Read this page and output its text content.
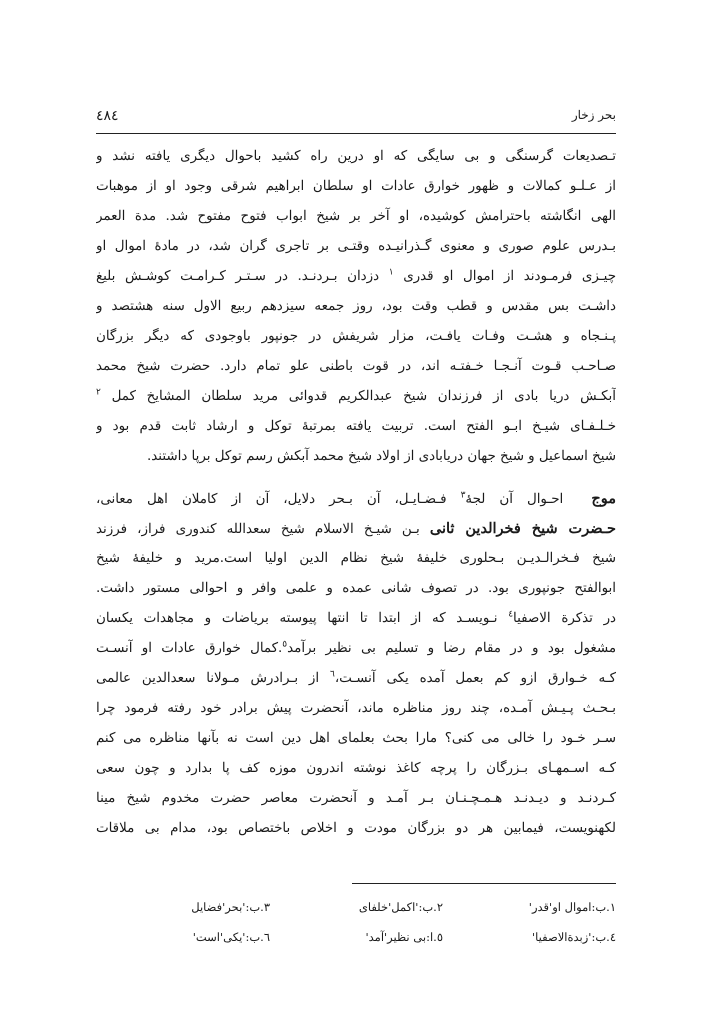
بحر زخار
٤٨٤
تـصدیعات گرسنگی و بی سایگی که او درین راه کشید باحوال دیگری یافته نشد و
از عـلـو کمالات و ظهور خوارق عادات او سلطان ابراهیم شرقی وجود او از موهبات
الهی انگاشته باحترامش کوشیده، او آخر بر شیخ ابواب فتوح مفتوح شد. مدة العمر
بـدرس علوم صوری و معنوی گـذرانیـده وقتـی بر تاجری گران شد، در مادۀ اموال او
چیـزی فرمـودند از اموال او قدری $^١$ دزدان بـردنـد. در سـتـر کـرامـت کوشـش بلیغ
داشـت بس مقدس و قطب وقت بود، روز جمعه سیزدهم ربیع الاول سنه هشتصد و
پـنـجاه و هشـت وفـات یافـت، مزار شریفش در جونپور باوجودی که دیگر بزرگان
صـاحـب قـوت آنـجـا خـفتـه اند، در قوت باطنی علو تمام دارد. حضرت شیخ محمد
آبکـش دریا بادی از فرزندان شیخ عبدالکریم قدوائی مرید سلطان المشایخ کمل $^٢$
خـلـفـای شیـخ ابـو الفتح است. تربیت یافته بمرتبۀ توکل و ارشاد ثابت قدم بود و
شیخ اسماعیل و شیخ جهان دریابادی از اولاد شیخ محمد آبکش رسم توکل برپا داشتند.
موج  احـوال آن لجۀ$^٣$ فـضـایـل، آن بـحر دلایل، آن از کاملان اهل معانی،
حـضرت شیخ فخرالدین ثانی بـن شیـخ الاسلام شیخ سعدالله کندوری فراز، فرزند
شیخ فـخرالـدیـن بـحلوری خلیفۀ شیخ نظام الدین اولیا است.مرید و خلیفۀ شیخ
ابوالفتح جونپوری بود. در تصوف شانی عمده و علمی وافر و احوالی مستور داشت.
در تذکرة الاصفیا$^٤$ نـویسـد که از ابتدا تا انتها پیوسته بریاضات و مجاهدات یکسان
مشغول بود و در مقام رضا و تسلیم بی نظیر برآمد$^٥$.کمال خوارق عادات او آنسـت
کـه خـوارق ازو کم بعمل آمده یکی آنسـت،$^٦$ از بـرادرش مـولانا سعدالدین عالمی
بـحـث پـیـش آمـده، چند روز مناظره ماند، آنحضرت پیش برادر خود رفته فرمود چرا
سـر خـود را خالی می کنی؟ مارا بحث بعلمای اهل دین است نه بآنها مناظره می کنم
کـه اسـمهـای بـزرگان را پرچه کاغذ نوشته اندرون موزه کف پا بدارد و چون سعی
کـردنـد و دیـدنـد هـمـچـنـان بـر آمـد و آنحضرت معاصر حضرت مخدوم شیخ مینا
لکهنویست، فیمابین هر دو بزرگان مودت و اخلاص باختصاص بود، مدام بی ملاقات
١.ب:اموال او'قدر'
٢.ب:'اکمل'خلفای
٣.ب:'بحر'فضایل
٤.ب:'زبدةالاصفیا'
٥.ا:بی نظیر'آمد'
٦.ب:'یکی'است'
